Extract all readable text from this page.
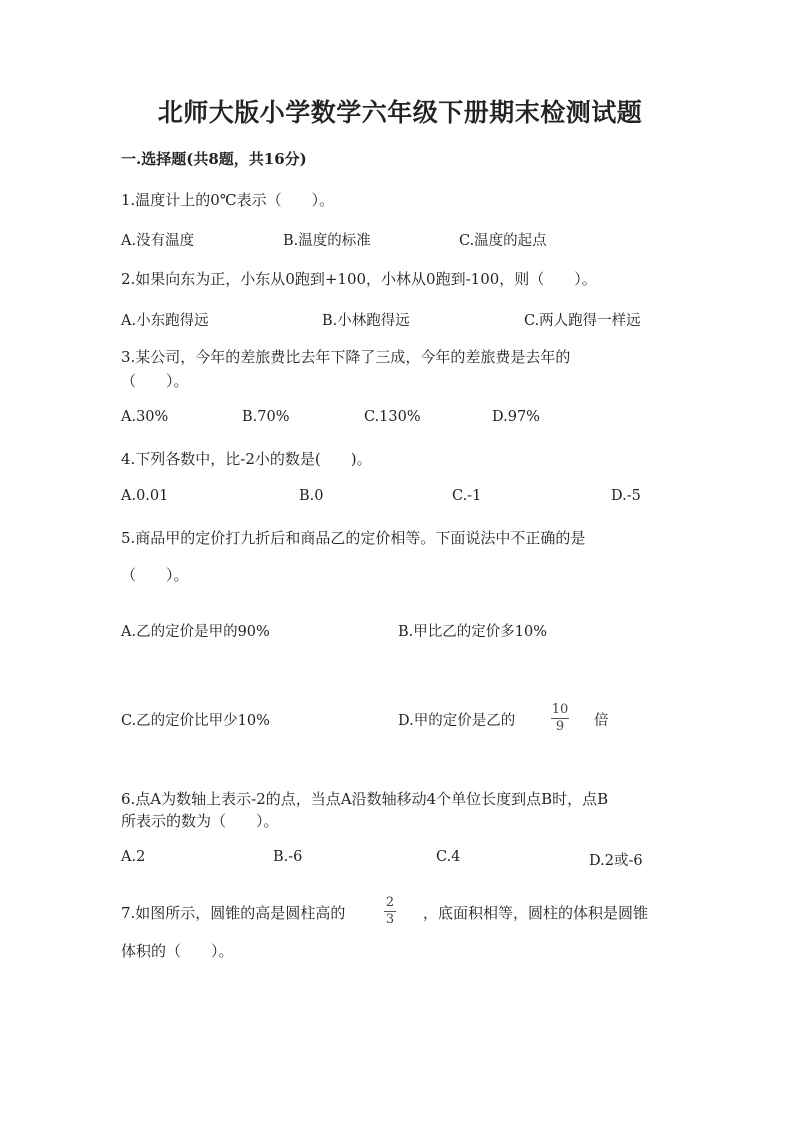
北师大版小学数学六年级下册期末检测试题
一.选择题(共8题，共16分)
1.温度计上的0℃表示（　　）。
A.没有温度	B.温度的标准	C.温度的起点
2.如果向东为正，小东从0跑到+100，小林从0跑到-100，则（　　）。
A.小东跑得远	B.小林跑得远	C.两人跑得一样远
3.某公司，今年的差旅费比去年下降了三成，今年的差旅费是去年的
（　　）。
A.30%	B.70%	C.130%	D.97%
4.下列各数中，比-2小的数是(　　)。
A.0.01	B.0	C.-1	D.-5
5.商品甲的定价打九折后和商品乙的定价相等。下面说法中不正确的是
（　　）。
A.乙的定价是甲的90%	B.甲比乙的定价多10%
C.乙的定价比甲少10%	D.甲的定价是乙的
10
9 倍
6.点A为数轴上表示-2的点，当点A沿数轴移动4个单位长度到点B时，点B
所表示的数为（　　）。
A.2	B.-6	C.4	D.2或-6
7.如图所示，圆锥的高是圆柱高的
2
3 ，底面积相等，圆柱的体积是圆锥
体积的（　　）。
